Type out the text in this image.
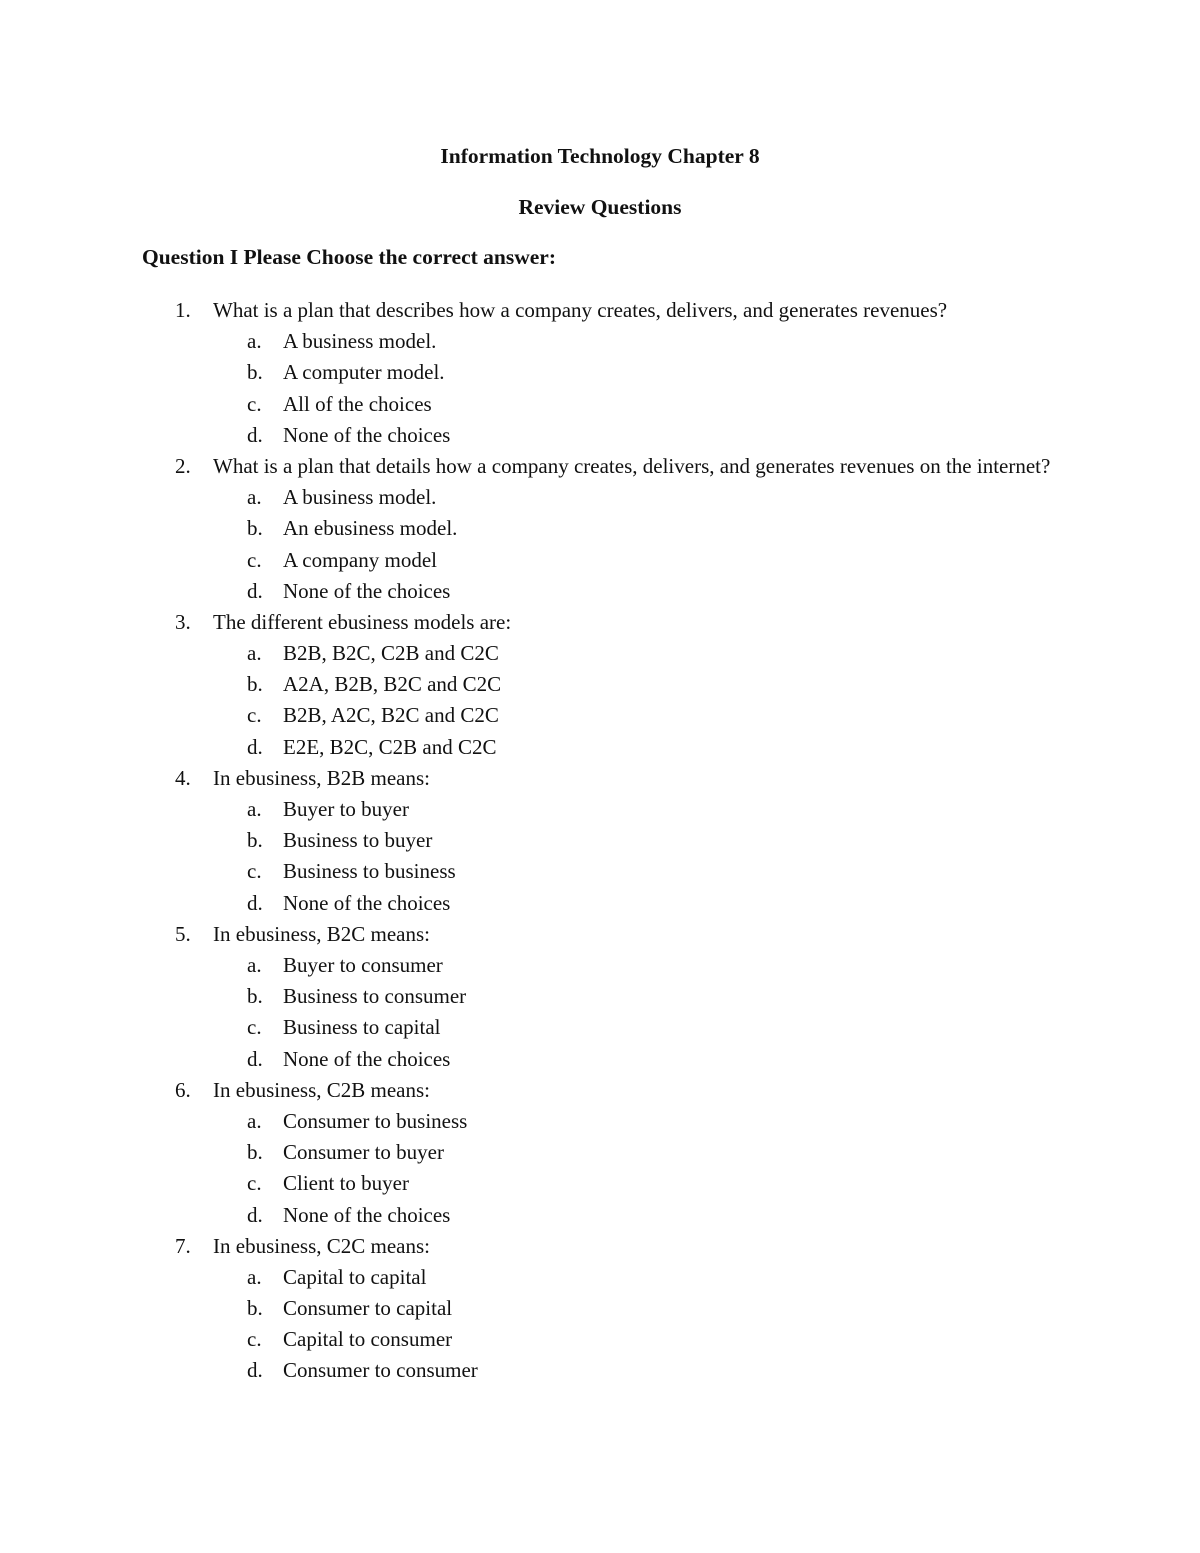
Information Technology Chapter 8
Review Questions
Question I Please Choose the correct answer:
1. What is a plan that describes how a company creates, delivers, and generates revenues?
a. A business model.
b. A computer model.
c. All of the choices
d. None of the choices
2. What is a plan that details how a company creates, delivers, and generates revenues on the internet?
a. A business model.
b. An ebusiness model.
c. A company model
d. None of the choices
3. The different ebusiness models are:
a. B2B, B2C, C2B and C2C
b. A2A, B2B, B2C and C2C
c. B2B, A2C, B2C and C2C
d. E2E, B2C, C2B and C2C
4. In ebusiness, B2B means:
a. Buyer to buyer
b. Business to buyer
c. Business to business
d. None of the choices
5. In ebusiness, B2C means:
a. Buyer to consumer
b. Business to consumer
c. Business to capital
d. None of the choices
6. In ebusiness, C2B means:
a. Consumer to business
b. Consumer to buyer
c. Client to buyer
d. None of the choices
7. In ebusiness, C2C means:
a. Capital to capital
b. Consumer to capital
c. Capital to consumer
d. Consumer to consumer
